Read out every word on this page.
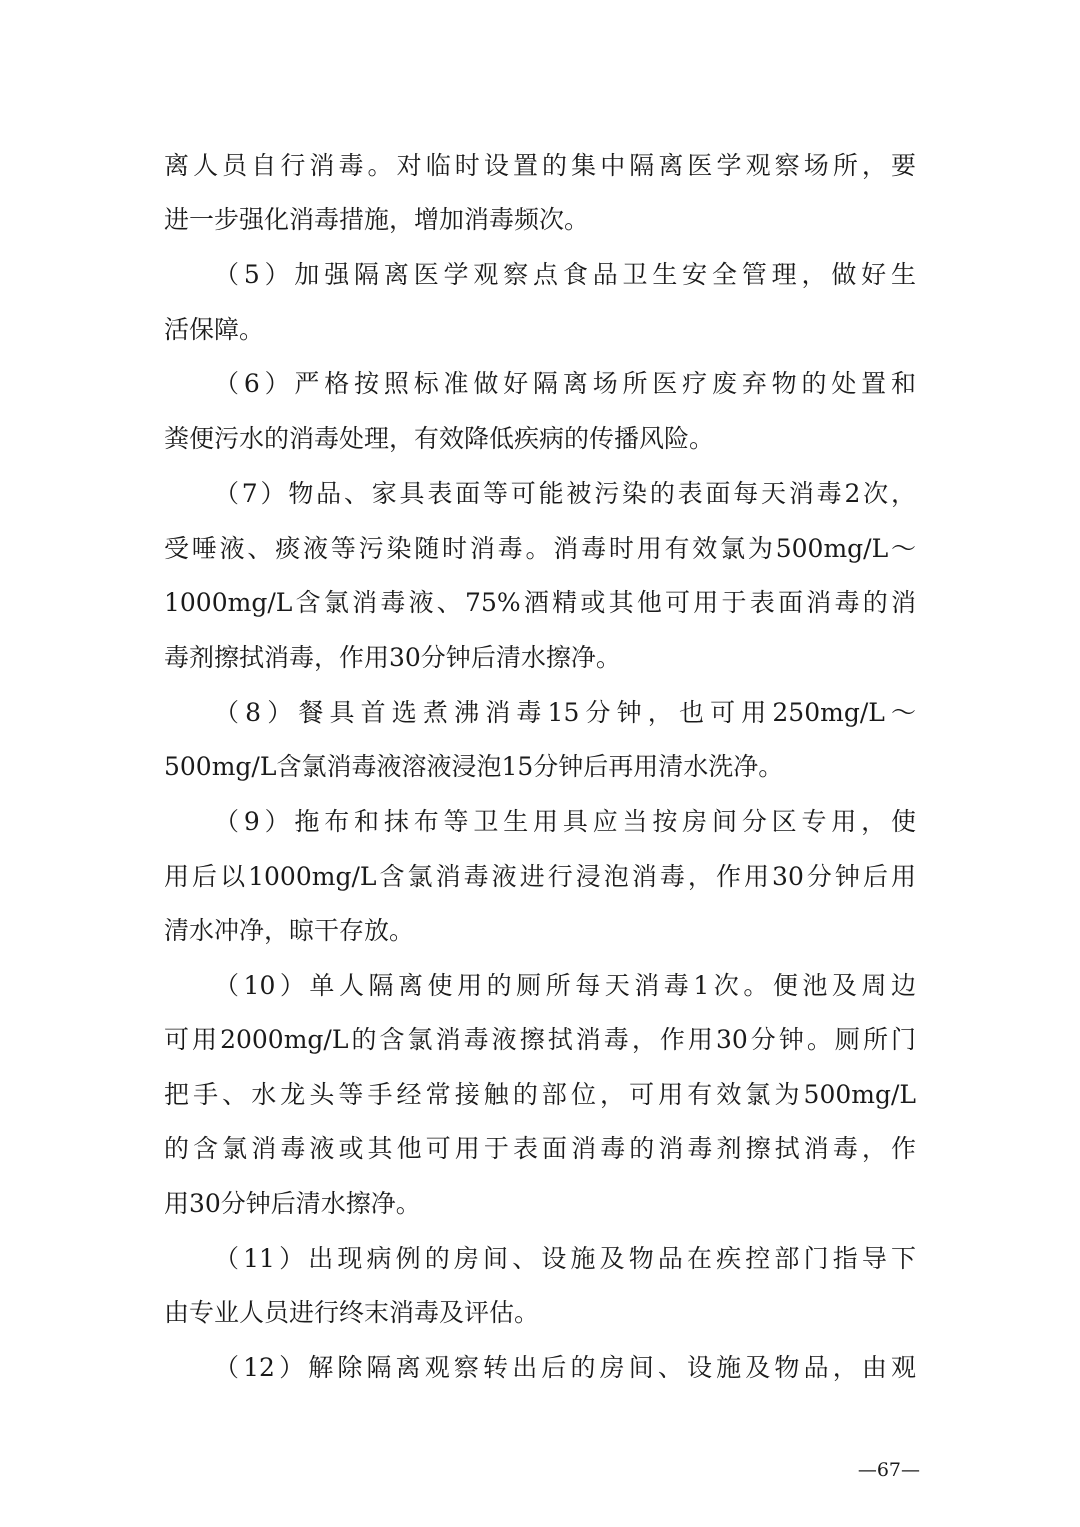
离人员自行消毒。对临时设置的集中隔离医学观察场所，要
进一步强化消毒措施，增加消毒频次。
（5）加强隔离医学观察点食品卫生安全管理，做好生
活保障。
（6）严格按照标准做好隔离场所医疗废弃物的处置和
粪便污水的消毒处理，有效降低疾病的传播风险。
（7）物品、家具表面等可能被污染的表面每天消毒2次，
受唾液、痰液等污染随时消毒。消毒时用有效氯为500mg/L～
1000mg/L含氯消毒液、75%酒精或其他可用于表面消毒的消
毒剂擦拭消毒，作用30分钟后清水擦净。
（8）餐具首选煮沸消毒15分钟，也可用250mg/L～
500mg/L含氯消毒液溶液浸泡15分钟后再用清水洗净。
（9）拖布和抹布等卫生用具应当按房间分区专用，使
用后以1000mg/L含氯消毒液进行浸泡消毒，作用30分钟后用
清水冲净，晾干存放。
（10）单人隔离使用的厕所每天消毒1次。便池及周边
可用2000mg/L的含氯消毒液擦拭消毒，作用30分钟。厕所门
把手、水龙头等手经常接触的部位，可用有效氯为500mg/L
的含氯消毒液或其他可用于表面消毒的消毒剂擦拭消毒，作
用30分钟后清水擦净。
（11）出现病例的房间、设施及物品在疾控部门指导下
由专业人员进行终末消毒及评估。
（12）解除隔离观察转出后的房间、设施及物品，由观
—67—
